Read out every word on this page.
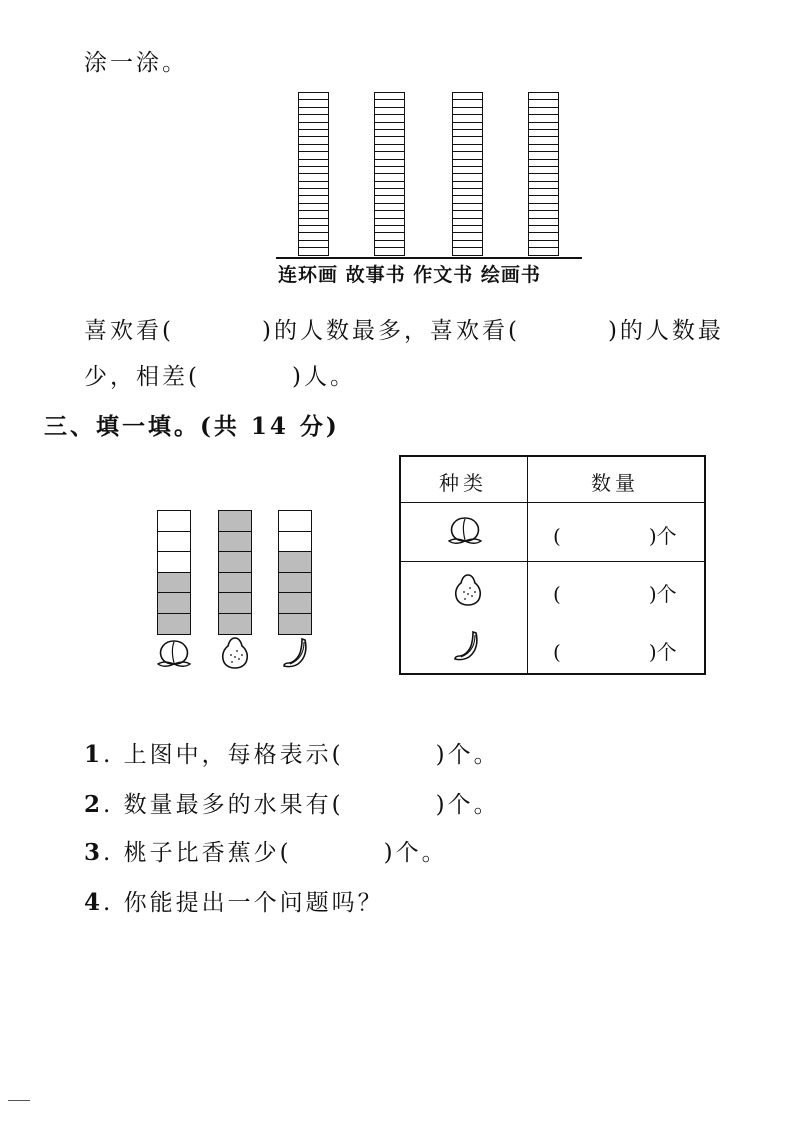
涂一涂。
连环画 故事书 作文书 绘画书
喜欢看(	)的人数最多，喜欢看(	)的人数最
少，相差(	)人。
三、填一填。(共 14 分)
种类	数量
(	)个
(	)个
(	)个
1. 上图中，每格表示(	)个。
2. 数量最多的水果有(	)个。
3. 桃子比香蕉少(	)个。
4. 你能提出一个问题吗？
